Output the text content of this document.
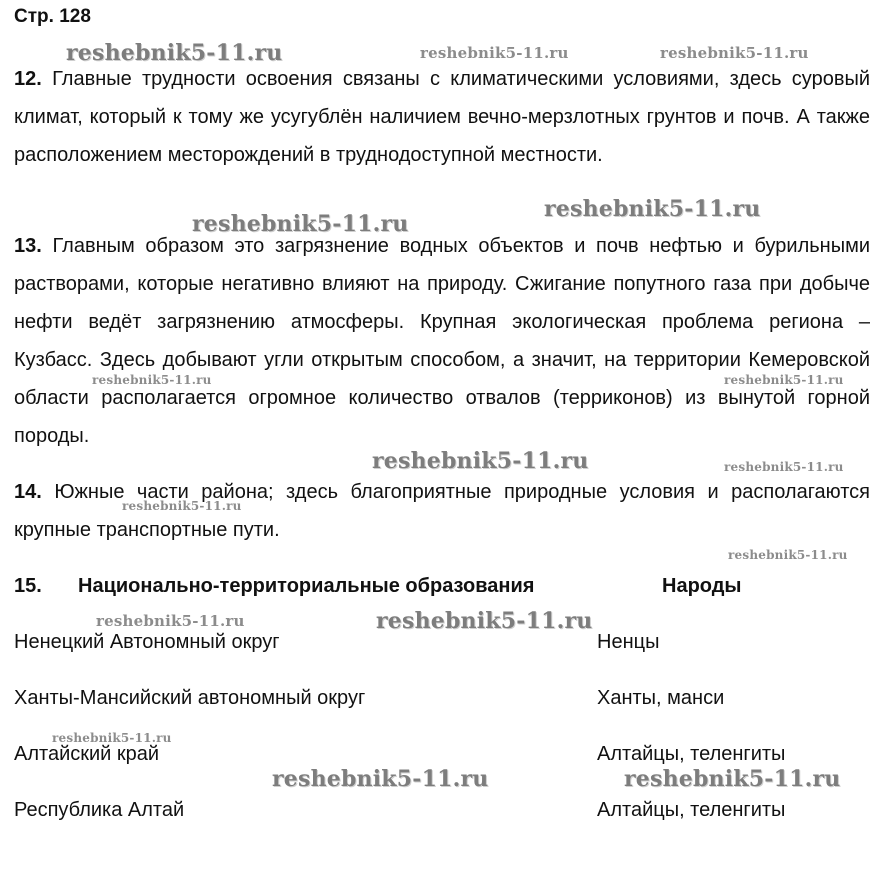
Стр. 128
12. Главные трудности освоения связаны с климатическими условиями, здесь суровый климат, который к тому же усугублён наличием вечно-мерзлотных грунтов и почв. А также расположением месторождений в труднодоступной местности.
13. Главным образом это загрязнение водных объектов и почв нефтью и бурильными растворами, которые негативно влияют на природу. Сжигание попутного газа при добыче нефти ведёт загрязнению атмосферы. Крупная экологическая проблема региона – Кузбасс. Здесь добывают угли открытым способом, а значит, на территории Кемеровской области располагается огромное количество отвалов (терриконов) из вынутой горной породы.
14. Южные части района; здесь благоприятные природные условия и располагаются крупные транспортные пути.
15. Национально-территориальные образования	Народы
Ненецкий Автономный округ	Ненцы
Ханты-Мансийский автономный округ	Ханты, манси
Алтайский край	Алтайцы, теленгиты
Республика Алтай	Алтайцы, теленгиты
reshebnik5-11.ru	reshebnik5-11.ru	reshebnik5-11.ru
reshebnik5-11.ru
reshebnik5-11.ru
reshebnik5-11.ru	reshebnik5-11.ru
reshebnik5-11.ru	reshebnik5-11.ru
reshebnik5-11.ru
reshebnik5-11.ru
reshebnik5-11.ru	reshebnik5-11.ru
reshebnik5-11.ru
reshebnik5-11.ru	reshebnik5-11.ru
